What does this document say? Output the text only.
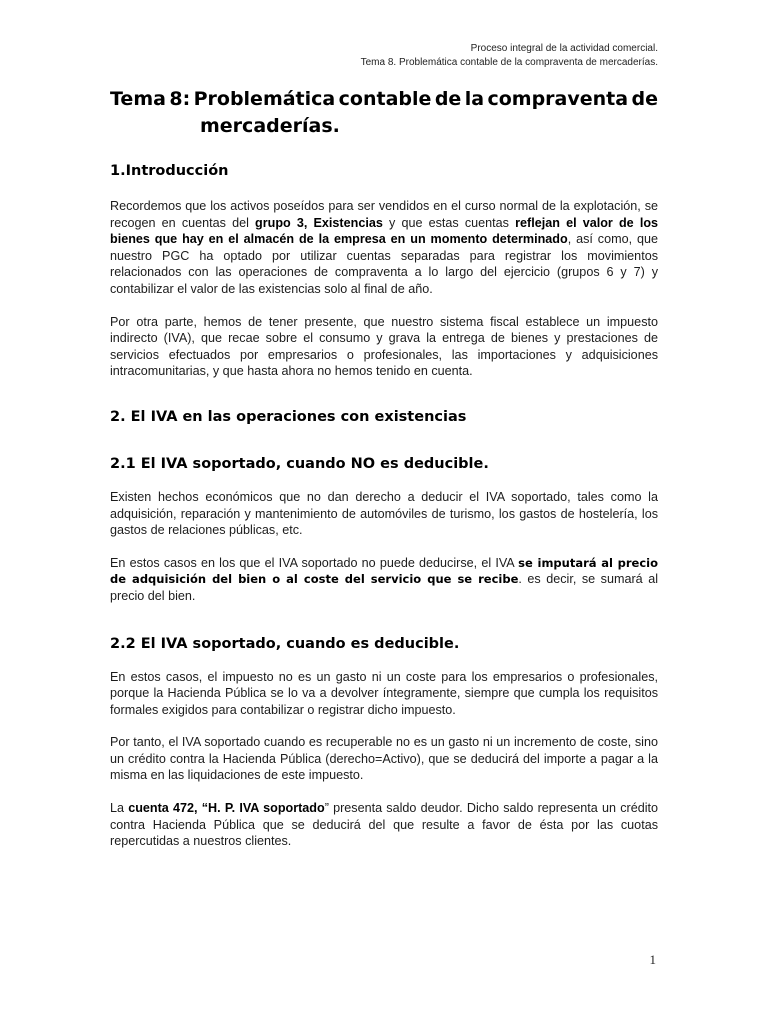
Proceso integral de la actividad comercial.
Tema 8. Problemática contable de la compraventa de mercaderías.
Tema 8: Problemática contable de la compraventa de
mercaderías.
1.Introducción

Recordemos que los activos poseídos para ser vendidos en el curso normal de la explotación, se recogen en cuentas del grupo 3, Existencias y que estas cuentas reflejan el valor de los bienes que hay en el almacén de la empresa en un momento determinado, así como, que nuestro PGC ha optado por utilizar cuentas separadas para registrar los movimientos relacionados con las operaciones de compraventa a lo largo del ejercicio (grupos 6 y 7) y contabilizar el valor de las existencias solo al final de año.

Por otra parte, hemos de tener presente, que nuestro sistema fiscal establece un impuesto indirecto (IVA), que recae sobre el consumo y grava la entrega de bienes y prestaciones de servicios efectuados por empresarios o profesionales, las importaciones y adquisiciones intracomunitarias, y que hasta ahora no hemos tenido en cuenta.

2. El IVA en las operaciones con existencias
2.1 El IVA soportado, cuando NO es deducible.

Existen hechos económicos que no dan derecho a deducir el IVA soportado, tales como la adquisición, reparación y mantenimiento de automóviles de turismo, los gastos de hostelería, los gastos de relaciones públicas, etc.

En estos casos en los que el IVA soportado no puede deducirse, el IVA se imputará al precio de adquisición del bien o al coste del servicio que se recibe. es decir, se sumará al precio del bien.

2.2 El IVA soportado, cuando es deducible.

En estos casos, el impuesto no es un gasto ni un coste para los empresarios o profesionales, porque la Hacienda Pública se lo va a devolver íntegramente, siempre que cumpla los requisitos formales exigidos para contabilizar o registrar dicho impuesto.

Por tanto, el IVA soportado cuando es recuperable no es un gasto ni un incremento de coste, sino un crédito contra la Hacienda Pública (derecho=Activo), que se deducirá del importe a pagar a la misma en las liquidaciones de este impuesto.

La cuenta 472, “H. P. IVA soportado” presenta saldo deudor. Dicho saldo representa un crédito contra Hacienda Pública que se deducirá del que resulte a favor de ésta por las cuotas repercutidas a nuestros clientes.

1
